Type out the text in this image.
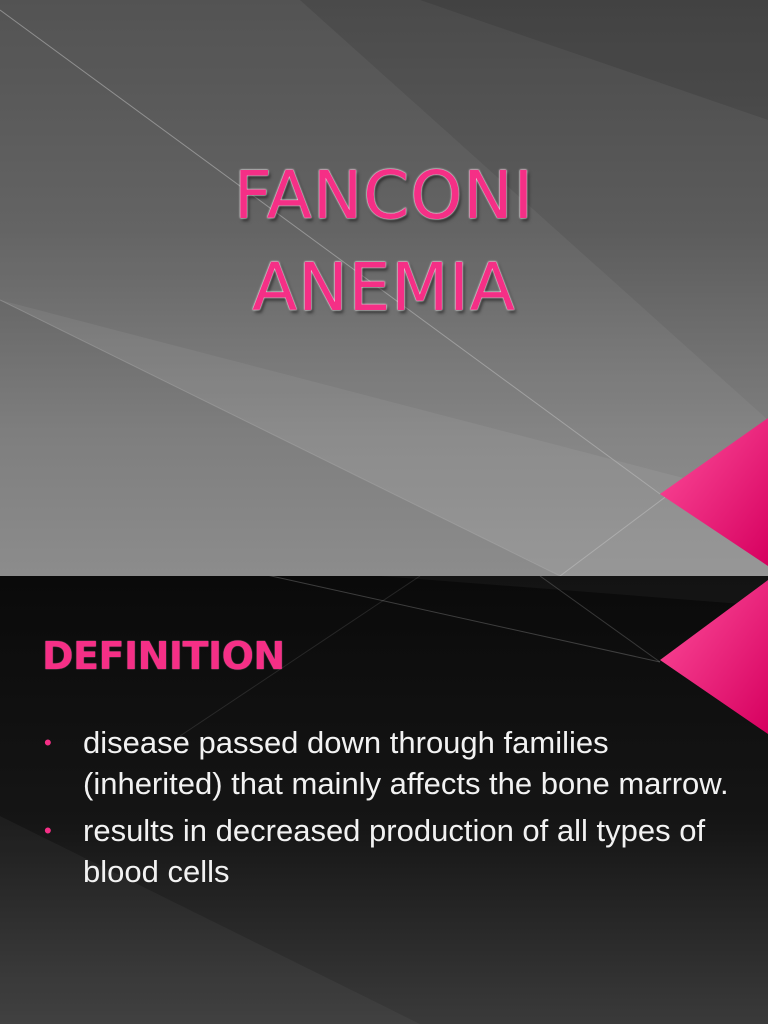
FANCONI
ANEMIA
DEFINITION
• disease passed down through families (inherited) that mainly affects the bone marrow.
• results in decreased production of all types of blood cells
